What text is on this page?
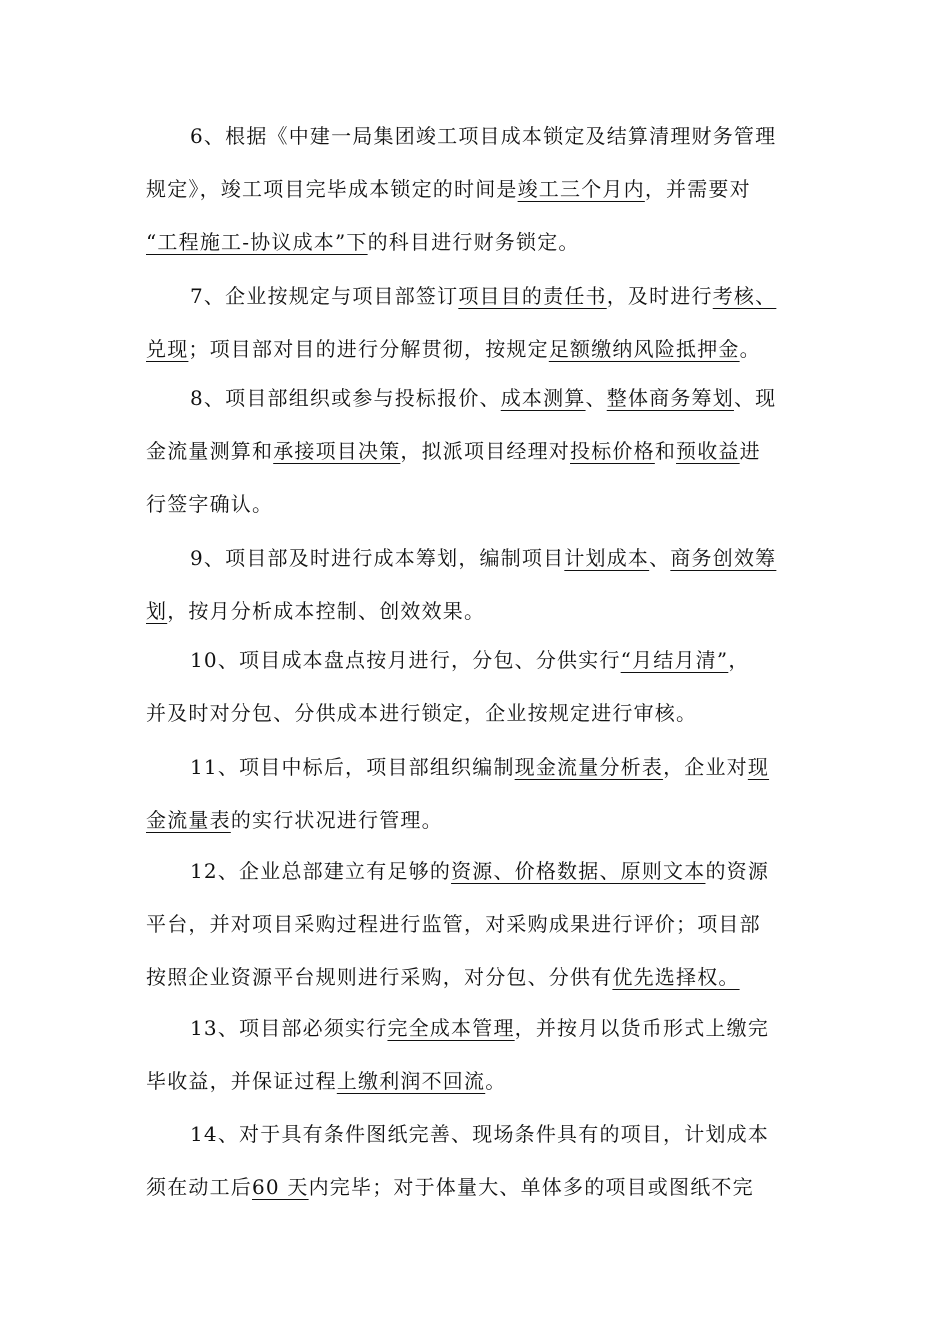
6、根据《中建一局集团竣工项目成本锁定及结算清理财务管理
规定》，竣工项目完毕成本锁定的时间是竣工三个月内，并需要对
“工程施工-协议成本”下的科目进行财务锁定。
7、企业按规定与项目部签订项目目的责任书，及时进行考核、
兑现；项目部对目的进行分解贯彻，按规定足额缴纳风险抵押金。
8、项目部组织或参与投标报价、成本测算、整体商务筹划、现
金流量测算和承接项目决策，拟派项目经理对投标价格和预收益进
行签字确认。
9、项目部及时进行成本筹划，编制项目计划成本、商务创效筹
划，按月分析成本控制、创效效果。
10、项目成本盘点按月进行，分包、分供实行“月结月清”，
并及时对分包、分供成本进行锁定，企业按规定进行审核。
11、项目中标后，项目部组织编制现金流量分析表，企业对现
金流量表的实行状况进行管理。
12、企业总部建立有足够的资源、价格数据、原则文本的资源
平台，并对项目采购过程进行监管，对采购成果进行评价；项目部
按照企业资源平台规则进行采购，对分包、分供有优先选择权。
13、项目部必须实行完全成本管理，并按月以货币形式上缴完
毕收益，并保证过程上缴利润不回流。
14、对于具有条件图纸完善、现场条件具有的项目，计划成本
须在动工后60 天内完毕；对于体量大、单体多的项目或图纸不完
